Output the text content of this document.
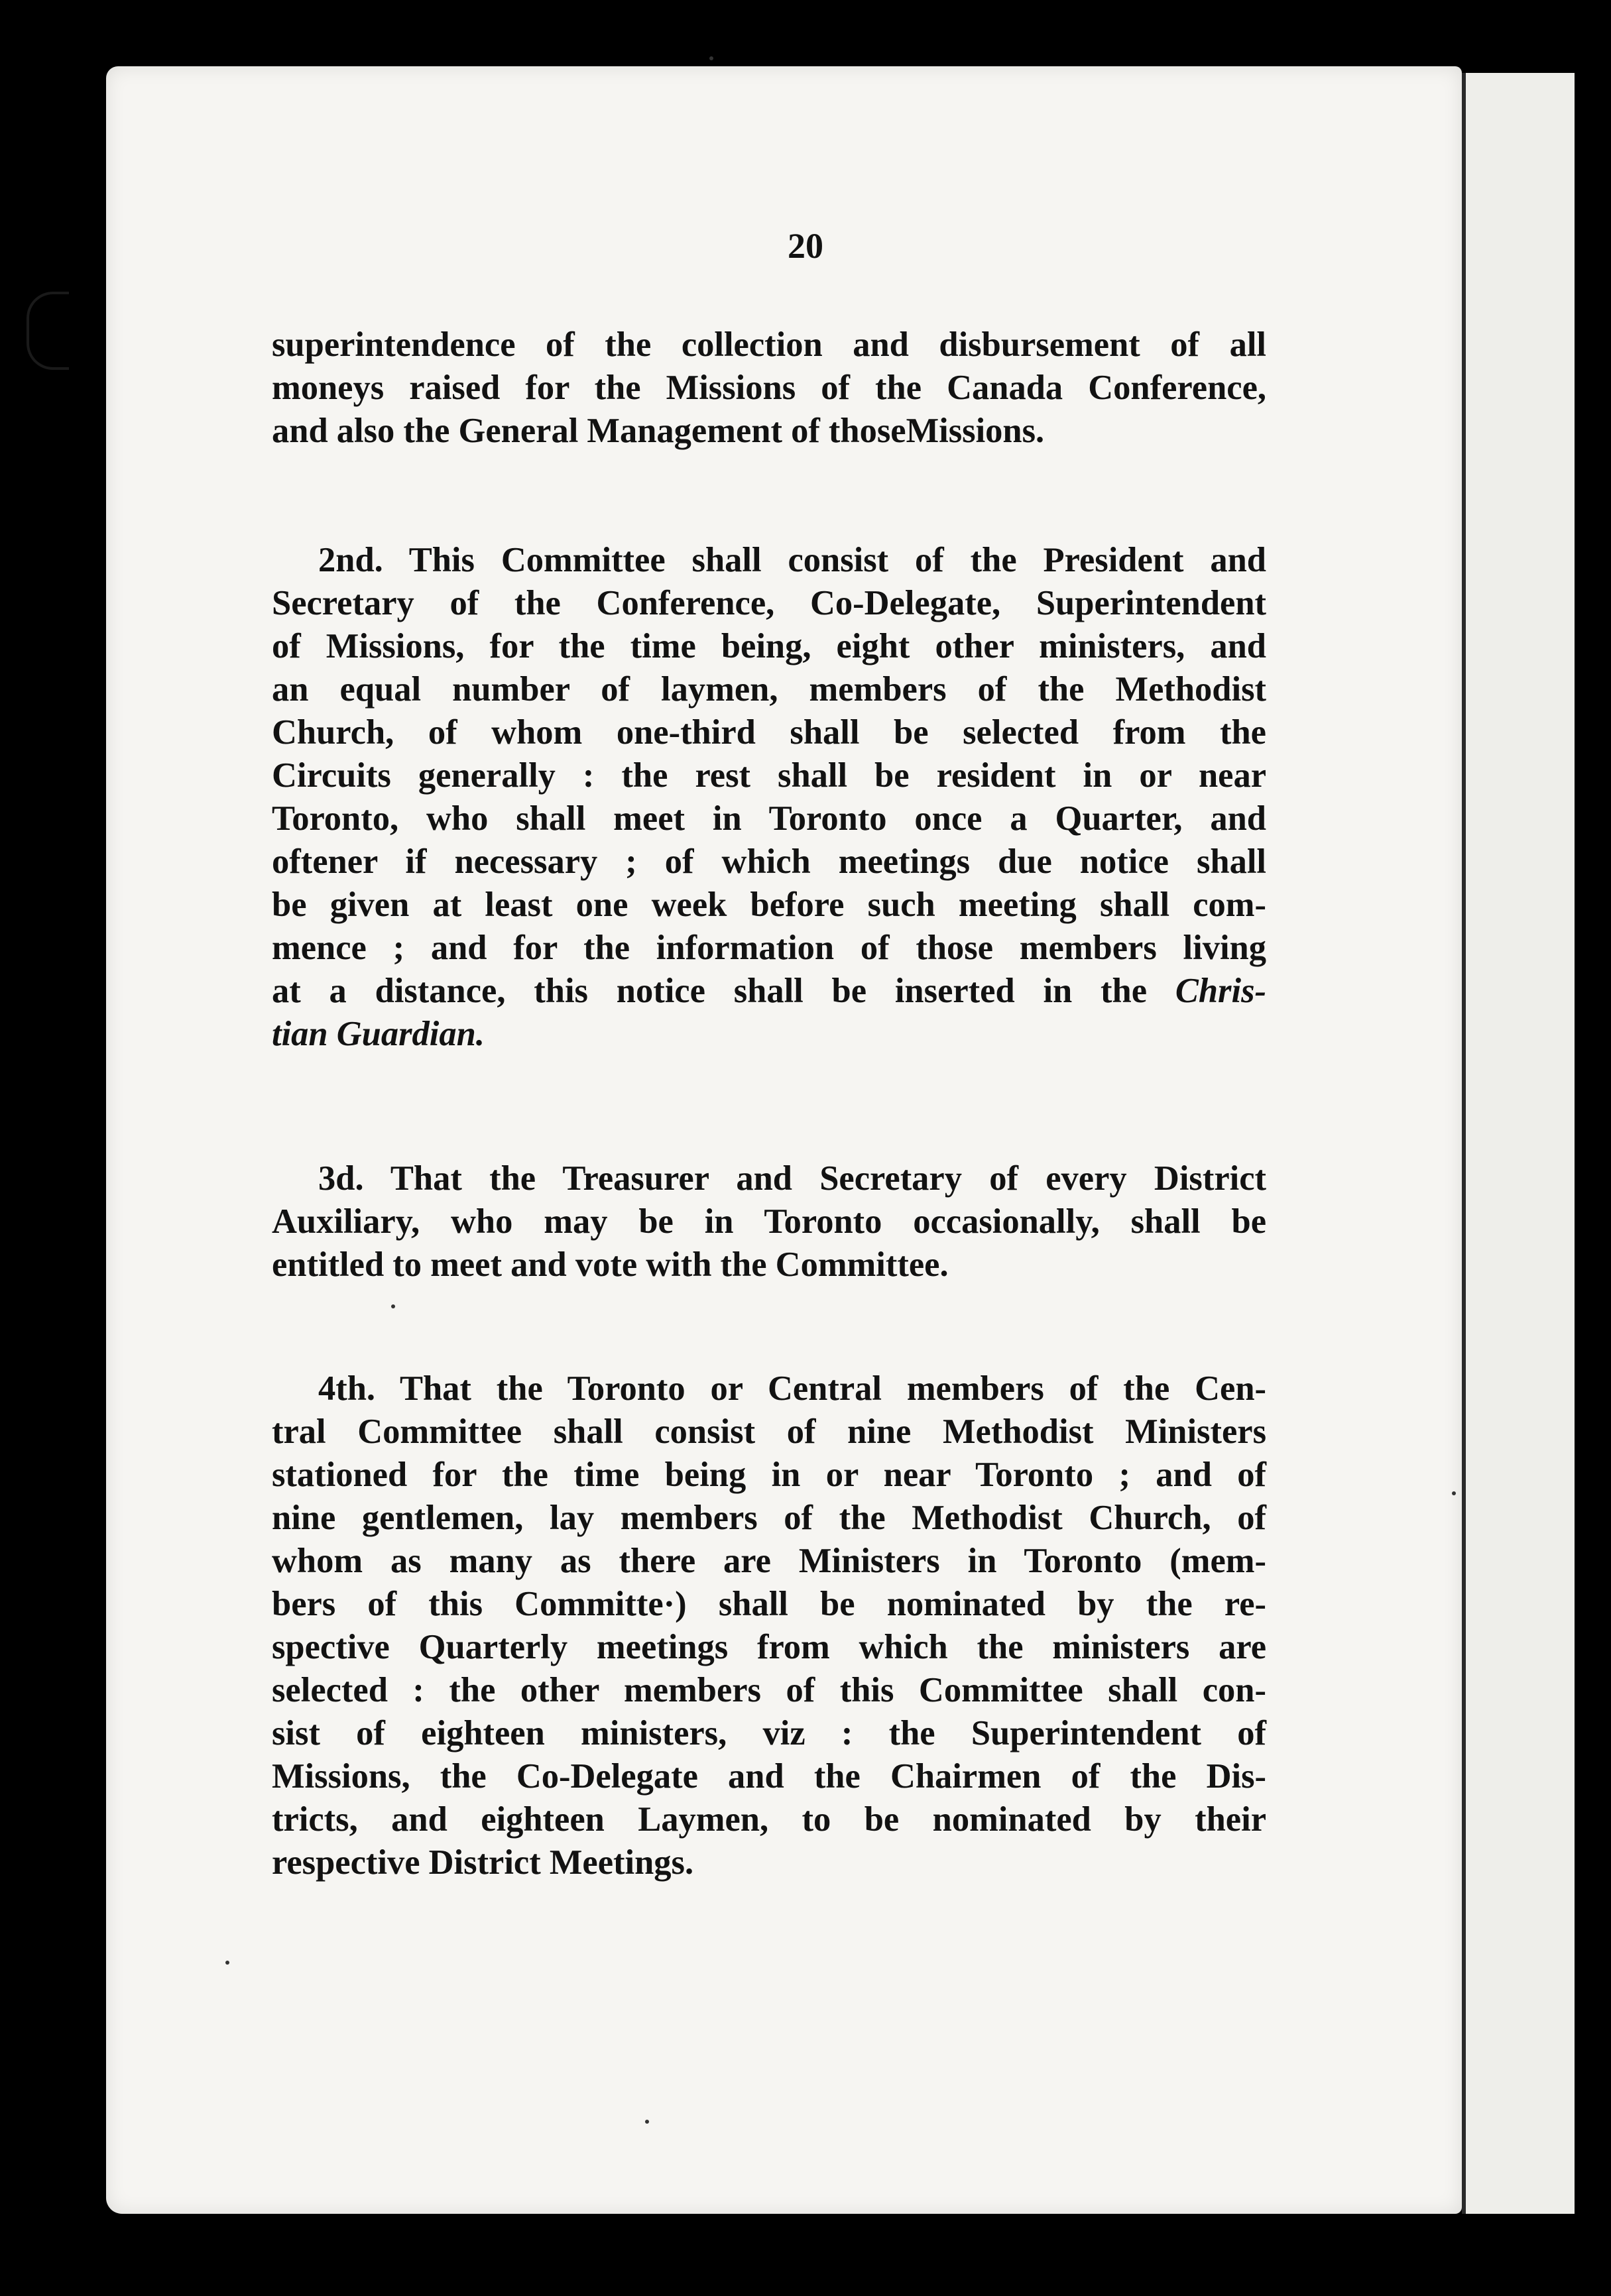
20
superintendence of the collection and disbursement of all
moneys raised for the Missions of the Canada Conference,
and also the General Management of thoseMissions.
2nd. This Committee shall consist of the President and
Secretary of the Conference, Co-Delegate, Superintendent
of Missions, for the time being, eight other ministers, and
an equal number of laymen, members of the Methodist
Church, of whom one-third shall be selected from the
Circuits generally : the rest shall be resident in or near
Toronto, who shall meet in Toronto once a Quarter, and
oftener if necessary ; of which meetings due notice shall
be given at least one week before such meeting shall com-
mence ; and for the information of those members living
at a distance, this notice shall be inserted in the Chris-
tian Guardian.
3d. That the Treasurer and Secretary of every District
Auxiliary, who may be in Toronto occasionally, shall be
entitled to meet and vote with the Committee.
4th. That the Toronto or Central members of the Cen-
tral Committee shall consist of nine Methodist Ministers
stationed for the time being in or near Toronto ; and of
nine gentlemen, lay members of the Methodist Church, of
whom as many as there are Ministers in Toronto (mem-
bers of this Committe·) shall be nominated by the re-
spective Quarterly meetings from which the ministers are
selected : the other members of this Committee shall con-
sist of eighteen ministers, viz : the Superintendent of
Missions, the Co-Delegate and the Chairmen of the Dis-
tricts, and eighteen Laymen, to be nominated by their
respective District Meetings.
